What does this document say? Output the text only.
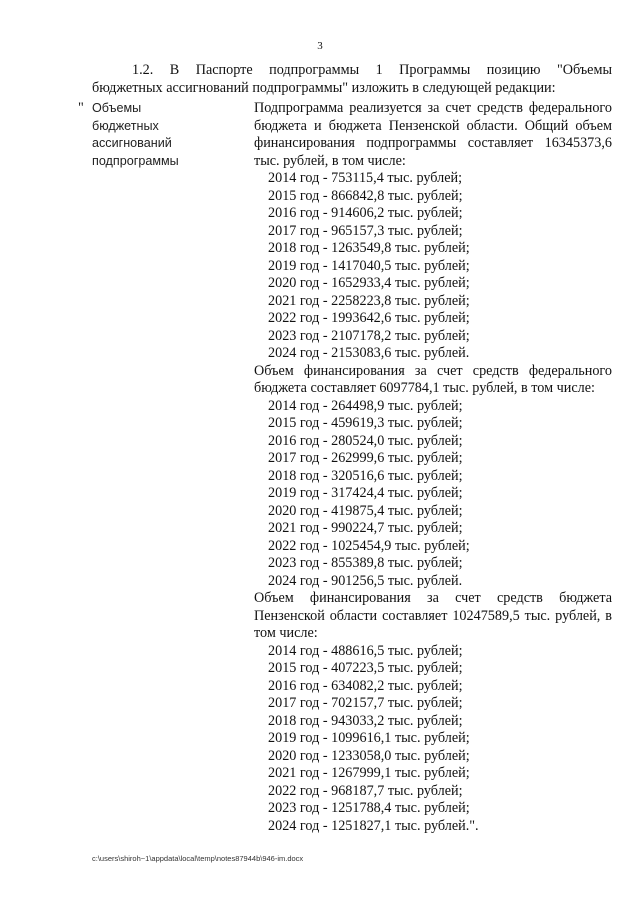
3
1.2. В Паспорте подпрограммы 1 Программы позицию "Объемы
бюджетных ассигнований подпрограммы" изложить в следующей редакции:
" Объемы
бюджетных
ассигнований
подпрограммы

Подпрограмма реализуется за счет средств федерального бюджета и бюджета Пензенской области. Общий объем финансирования подпрограммы составляет 16345373,6 тыс. рублей, в том числе:

2014 год - 753115,4 тыс. рублей;
2015 год - 866842,8 тыс. рублей;
2016 год - 914606,2 тыс. рублей;
2017 год - 965157,3 тыс. рублей;
2018 год - 1263549,8 тыс. рублей;
2019 год - 1417040,5 тыс. рублей;
2020 год - 1652933,4 тыс. рублей;
2021 год - 2258223,8 тыс. рублей;
2022 год - 1993642,6 тыс. рублей;
2023 год - 2107178,2 тыс. рублей;
2024 год - 2153083,6 тыс. рублей.

Объем финансирования за счет средств федерального бюджета составляет 6097784,1 тыс. рублей, в том числе:

2014 год - 264498,9 тыс. рублей;
2015 год - 459619,3 тыс. рублей;
2016 год - 280524,0 тыс. рублей;
2017 год - 262999,6 тыс. рублей;
2018 год - 320516,6 тыс. рублей;
2019 год - 317424,4 тыс. рублей;
2020 год - 419875,4 тыс. рублей;
2021 год - 990224,7 тыс. рублей;
2022 год - 1025454,9 тыс. рублей;
2023 год - 855389,8 тыс. рублей;
2024 год - 901256,5 тыс. рублей.

Объем финансирования за счет средств бюджета Пензенской области составляет 10247589,5 тыс. рублей, в том числе:

2014 год - 488616,5 тыс. рублей;
2015 год - 407223,5 тыс. рублей;
2016 год - 634082,2 тыс. рублей;
2017 год - 702157,7 тыс. рублей;
2018 год - 943033,2 тыс. рублей;
2019 год - 1099616,1 тыс. рублей;
2020 год - 1233058,0 тыс. рублей;
2021 год - 1267999,1 тыс. рублей;
2022 год - 968187,7 тыс. рублей;
2023 год - 1251788,4 тыс. рублей;
2024 год - 1251827,1 тыс. рублей.".
c:\users\shiroh~1\appdata\local\temp\notes87944b\946-im.docx
